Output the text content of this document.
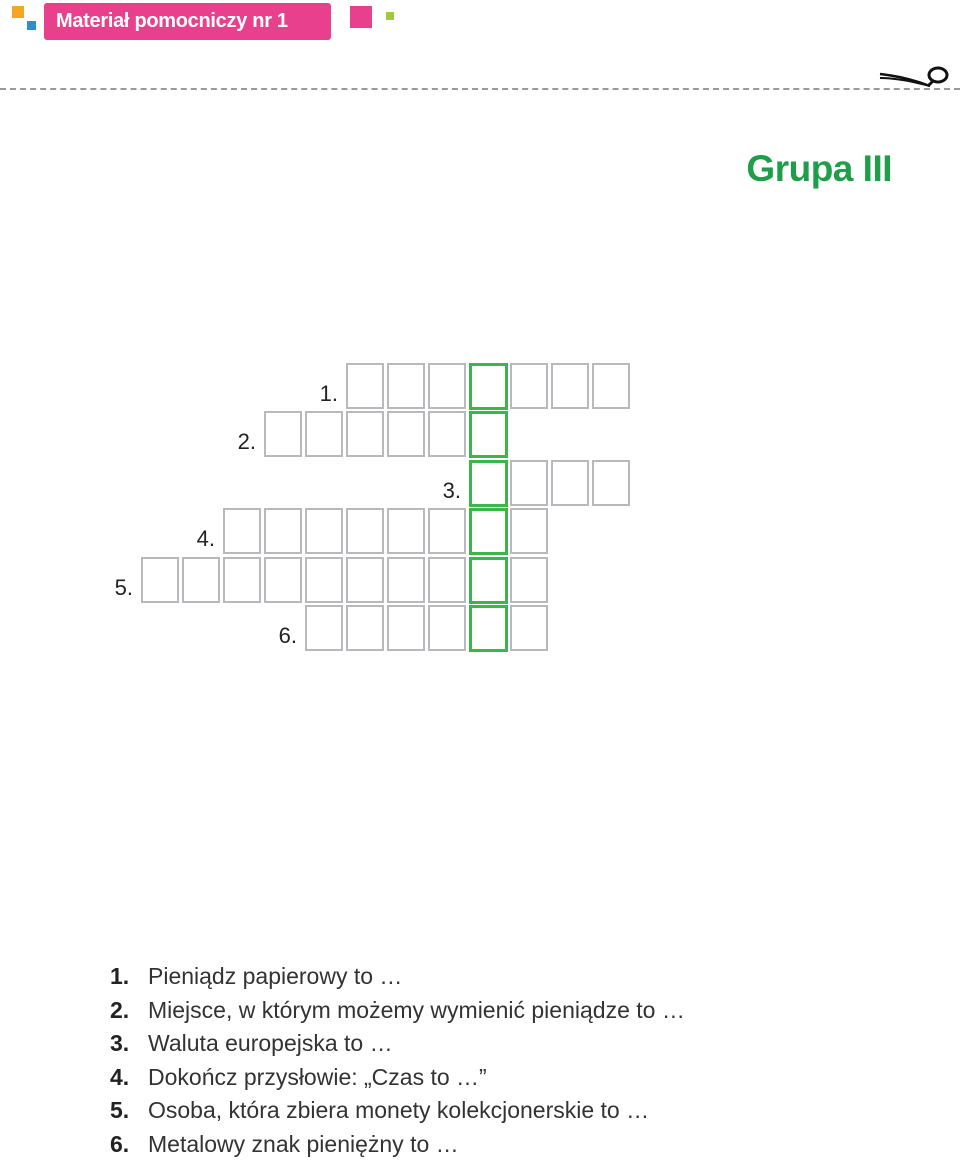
Materiał pomocniczy nr 1
Grupa III
1.
2.
3.
4.
5.
6.
1. Pieniądz papierowy to …
2. Miejsce, w którym możemy wymienić pieniądze to …
3. Waluta europejska to …
4. Dokończ przysłowie: „Czas to …”
5. Osoba, która zbiera monety kolekcjonerskie to …
6. Metalowy znak pieniężny to …
